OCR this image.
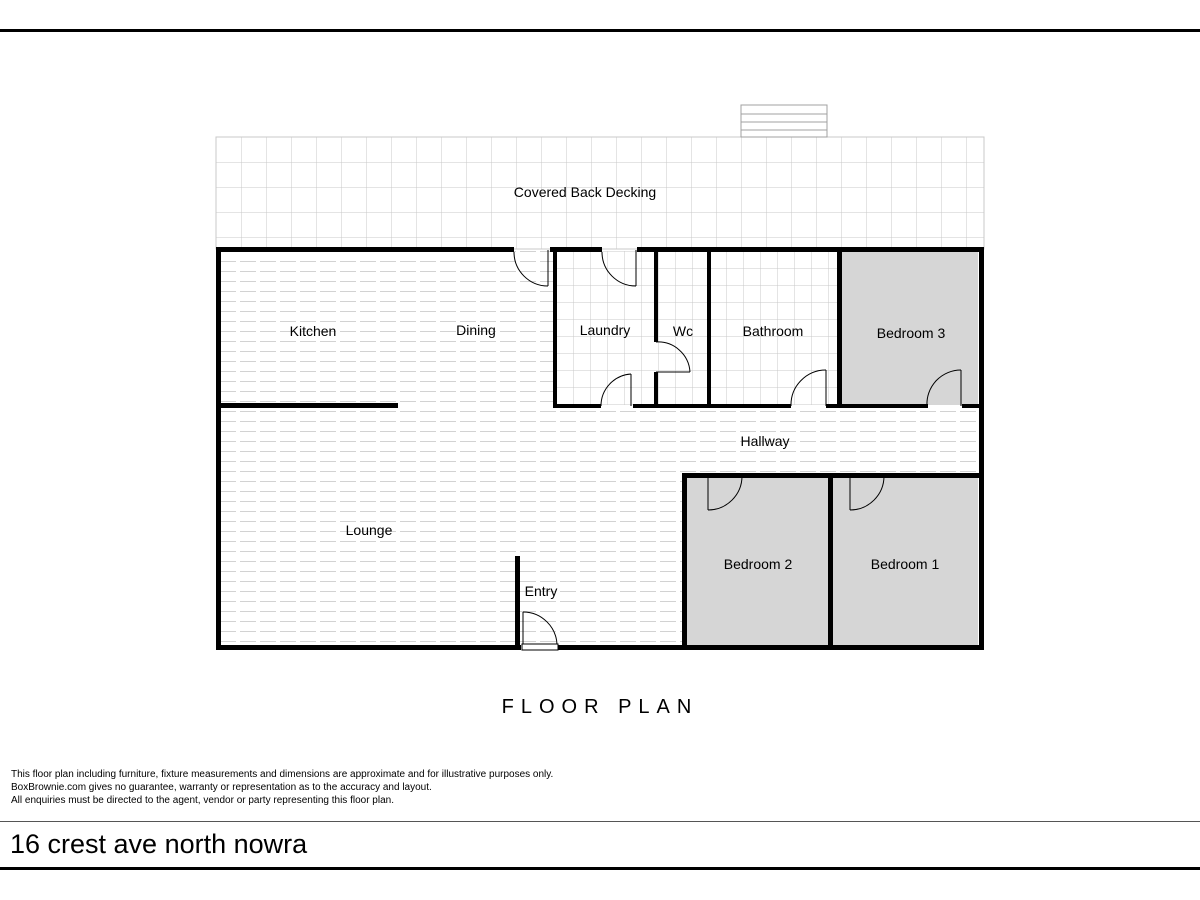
Covered Back Decking
Kitchen	Dining	Laundry	Wc	Bathroom	Bedroom 3
Hallway
Lounge
Entry
Bedroom 2	Bedroom 1
FLOOR PLAN
This floor plan including furniture, fixture measurements and dimensions are approximate and for illustrative purposes only.
BoxBrownie.com gives no guarantee, warranty or representation as to the accuracy and layout.
All enquiries must be directed to the agent, vendor or party representing this floor plan.
16 crest ave north nowra
